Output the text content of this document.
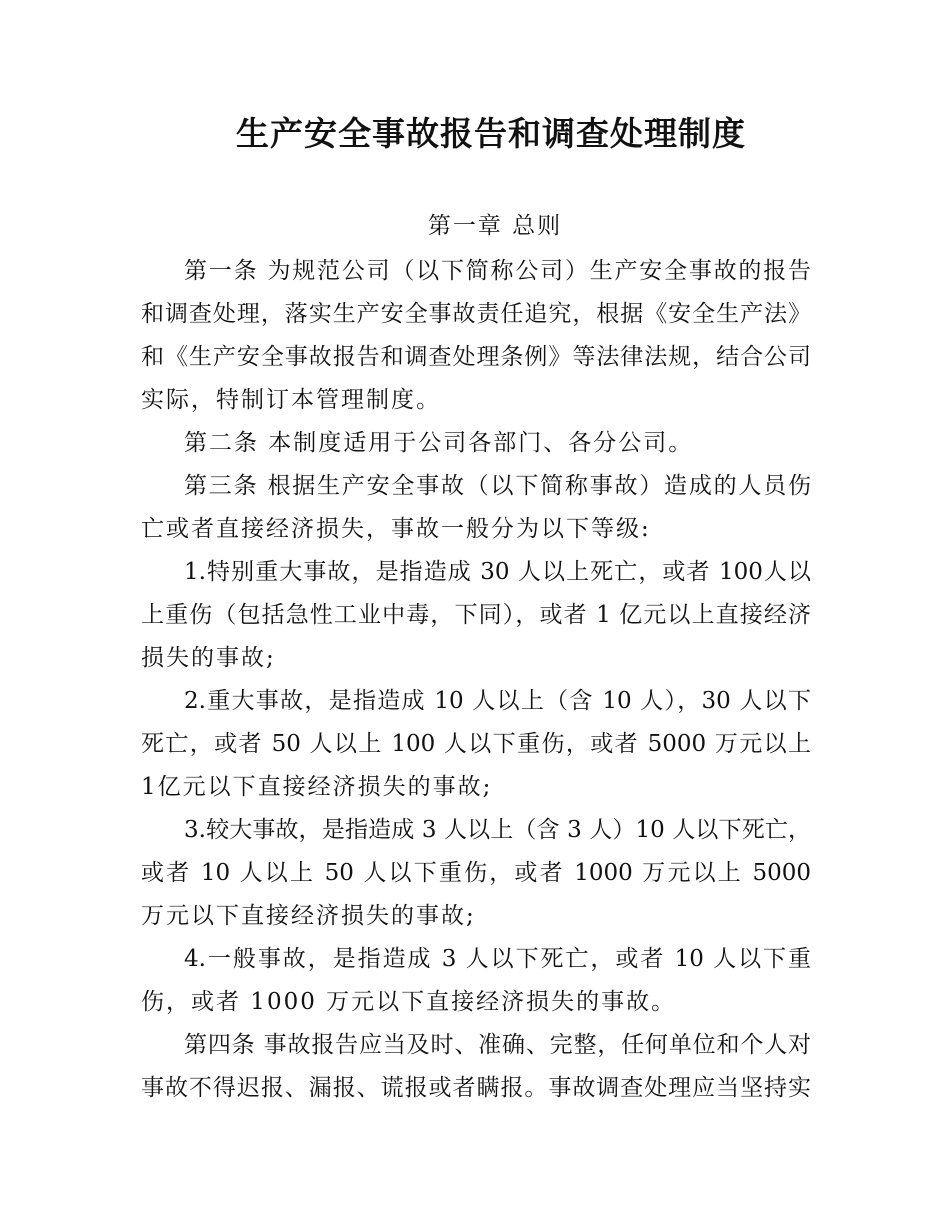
生产安全事故报告和调查处理制度
第一章 总则
第一条 为规范公司（以下简称公司）生产安全事故的报告
和调查处理，落实生产安全事故责任追究，根据《安全生产法》
和《生产安全事故报告和调查处理条例》等法律法规，结合公司
实际，特制订本管理制度。
第二条 本制度适用于公司各部门、各分公司。
第三条 根据生产安全事故（以下简称事故）造成的人员伤
亡或者直接经济损失，事故一般分为以下等级:
1.特别重大事故，是指造成 30 人以上死亡，或者 100人以
上重伤（包括急性工业中毒，下同），或者 1 亿元以上直接经济
损失的事故;
2.重大事故，是指造成 10 人以上（含 10 人），30 人以下
死亡，或者 50 人以上 100 人以下重伤，或者 5000 万元以上
1亿元以下直接经济损失的事故;
3.较大事故，是指造成 3 人以上（含 3 人）10 人以下死亡，
或者 10 人以上 50 人以下重伤，或者 1000 万元以上 5000
万元以下直接经济损失的事故;
4.一般事故，是指造成 3 人以下死亡，或者 10 人以下重
伤，或者 1000 万元以下直接经济损失的事故。
第四条 事故报告应当及时、准确、完整，任何单位和个人对
事故不得迟报、漏报、谎报或者瞒报。事故调查处理应当坚持实
